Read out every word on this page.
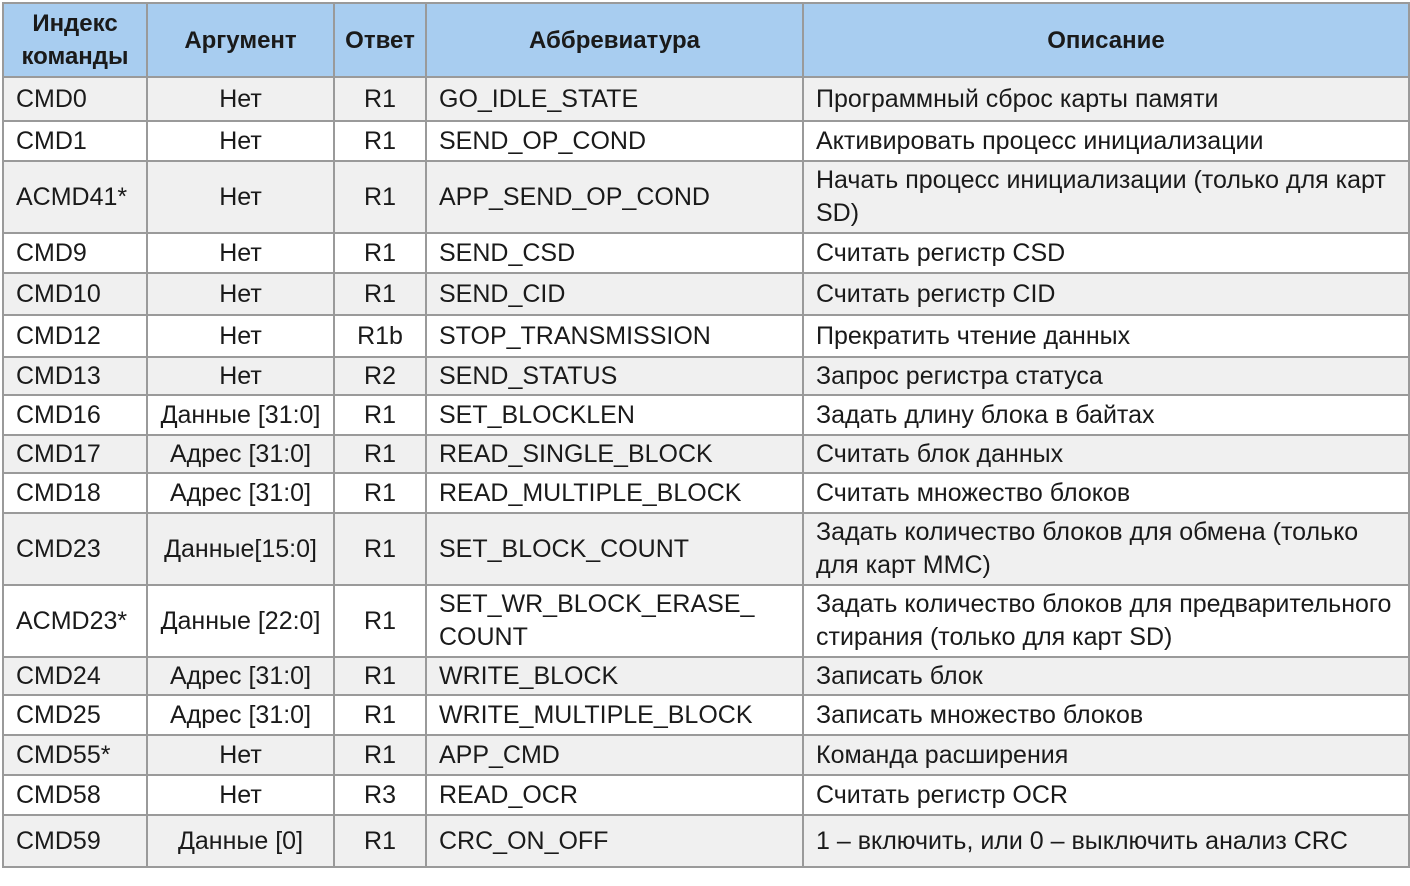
Индекс команды	Аргумент	Ответ	Аббревиатура	Описание
CMD0	Нет	R1	GO_IDLE_STATE	Программный сброс карты памяти
CMD1	Нет	R1	SEND_OP_COND	Активировать процесс инициализации
ACMD41*	Нет	R1	APP_SEND_OP_COND	Начать процесс инициализации (только для карт SD)
CMD9	Нет	R1	SEND_CSD	Считать регистр CSD
CMD10	Нет	R1	SEND_CID	Считать регистр CID
CMD12	Нет	R1b	STOP_TRANSMISSION	Прекратить чтение данных
CMD13	Нет	R2	SEND_STATUS	Запрос регистра статуса
CMD16	Данные [31:0]	R1	SET_BLOCKLEN	Задать длину блока в байтах
CMD17	Адрес [31:0]	R1	READ_SINGLE_BLOCK	Считать блок данных
CMD18	Адрес [31:0]	R1	READ_MULTIPLE_BLOCK	Считать множество блоков
CMD23	Данные[15:0]	R1	SET_BLOCK_COUNT	Задать количество блоков для обмена (только для карт MMC)
ACMD23*	Данные [22:0]	R1	SET_WR_BLOCK_ERASE_ COUNT	Задать количество блоков для предварительного стирания (только для карт SD)
CMD24	Адрес [31:0]	R1	WRITE_BLOCK	Записать блок
CMD25	Адрес [31:0]	R1	WRITE_MULTIPLE_BLOCK	Записать множество блоков
CMD55*	Нет	R1	APP_CMD	Команда расширения
CMD58	Нет	R3	READ_OCR	Считать регистр OCR
CMD59	Данные [0]	R1	CRC_ON_OFF	1 – включить, или 0 – выключить анализ CRC
